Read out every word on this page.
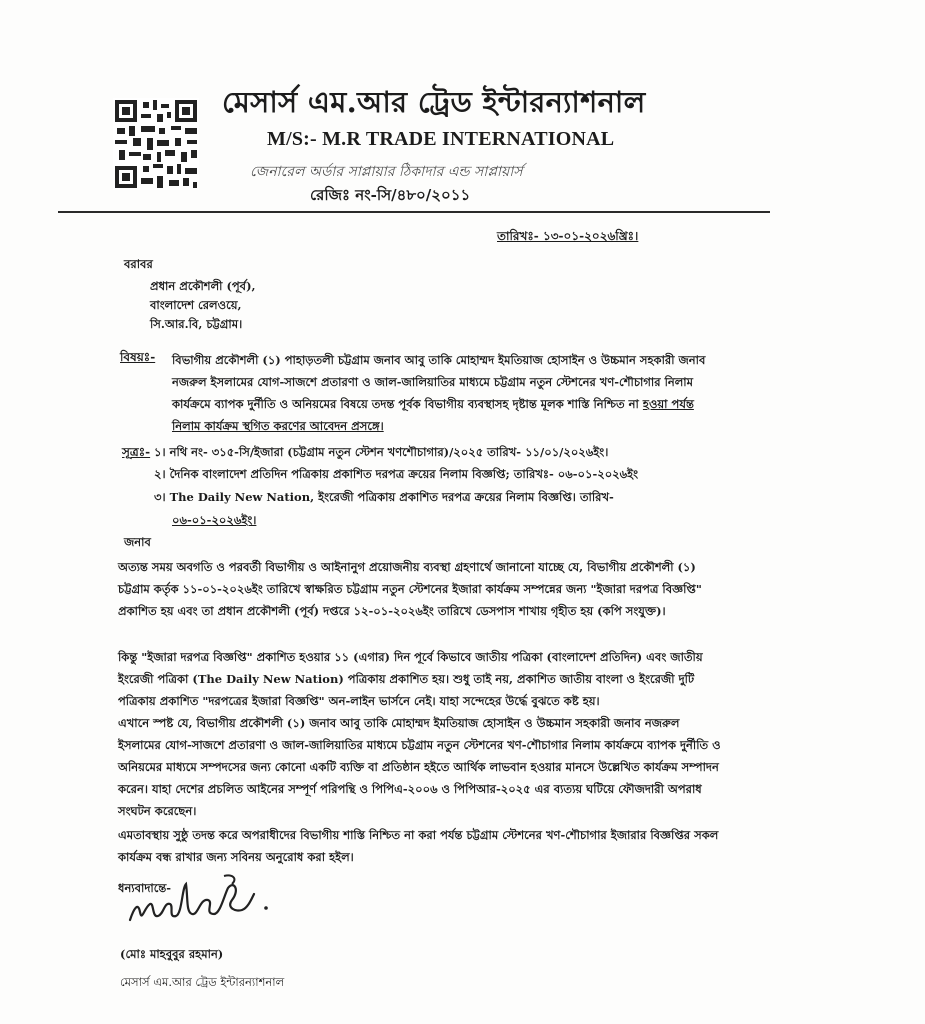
মেসার্স এম.আর ট্রেড ইন্টারন্যাশনাল
M/S:- M.R TRADE INTERNATIONAL
জেনারেল অর্ডার সাপ্লায়ার ঠিকাদার এন্ড সাপ্লায়ার্স
রেজিঃ নং-সি/৪৮০/২০১১
তারিখঃ- ১৩-০১-২০২৬খ্রিঃ।
বরাবর
প্রধান প্রকৌশলী (পূর্ব),
বাংলাদেশ রেলওয়ে,
সি.আর.বি, চট্টগ্রাম।
বিষয়ঃ- বিভাগীয় প্রকৌশলী (১) পাহাড়তলী চট্টগ্রাম জনাব আবু তাকি মোহাম্মদ ইমতিয়াজ হোসাইন ও উচ্চমান সহকারী জনাব নজরুল ইসলামের যোগ-সাজশে প্রতারণা ও জাল-জালিয়াতির মাধ্যমে চট্টগ্রাম নতুন স্টেশনের খণ-শৌচাগার নিলাম কার্যক্রমে ব্যাপক দুর্নীতি ও অনিয়মের বিষয়ে তদন্ত পূর্বক বিভাগীয় ব্যবস্থাসহ দৃষ্টান্ত মূলক শাস্তি নিশ্চিত না হওয়া পর্যন্ত নিলাম কার্যক্রম স্থগিত করণের আবেদন প্রসঙ্গে।
সূত্রঃ- ১। নথি নং- ৩১৫-সি/ইজারা (চট্টগ্রাম নতুন স্টেশন খণশৌচাগার)/২০২৫ তারিখ- ১১/০১/২০২৬ইং।
২। দৈনিক বাংলাদেশ প্রতিদিন পত্রিকায় প্রকাশিত দরপত্র ক্রয়ের নিলাম বিজ্ঞপ্তি; তারিখঃ- ০৬-০১-২০২৬ইং
৩। The Daily New Nation, ইংরেজী পত্রিকায় প্রকাশিত দরপত্র ক্রয়ের নিলাম বিজ্ঞপ্তি। তারিখ-
০৬-০১-২০২৬ইং।
জনাব

অত্যন্ত সময় অবগতি ও পরবর্তী বিভাগীয় ও আইনানুগ প্রয়োজনীয় ব্যবস্থা গ্রহণার্থে জানানো যাচ্ছে যে, বিভাগীয় প্রকৌশলী (১) চট্টগ্রাম কর্তৃক ১১-০১-২০২৬ইং তারিখে স্বাক্ষরিত চট্টগ্রাম নতুন স্টেশনের ইজারা কার্যক্রম সম্পন্নের জন্য "ইজারা দরপত্র বিজ্ঞপ্তি" প্রকাশিত হয় এবং তা প্রধান প্রকৌশলী (পূর্ব) দপ্তরে ১২-০১-২০২৬ইং তারিখে ডেসপাস শাখায় গৃহীত হয় (কপি সংযুক্ত)।

কিন্তু "ইজারা দরপত্র বিজ্ঞপ্তি" প্রকাশিত হওয়ার ১১ (এগার) দিন পূর্বে কিভাবে জাতীয় পত্রিকা (বাংলাদেশ প্রতিদিন) এবং জাতীয় ইংরেজী পত্রিকা (The Daily New Nation) পত্রিকায় প্রকাশিত হয়। শুধু তাই নয়, প্রকাশিত জাতীয় বাংলা ও ইংরেজী দুটি পত্রিকায় প্রকাশিত "দরপত্রের ইজারা বিজ্ঞপ্তি" অন-লাইন ভার্সনে নেই। যাহা সন্দেহের উর্দ্ধে বুঝতে কষ্ট হয়।

এখানে স্পষ্ট যে, বিভাগীয় প্রকৌশলী (১) জনাব আবু তাকি মোহাম্মদ ইমতিয়াজ হোসাইন ও উচ্চমান সহকারী জনাব নজরুল ইসলামের যোগ-সাজশে প্রতারণা ও জাল-জালিয়াতির মাধ্যমে চট্টগ্রাম নতুন স্টেশনের খণ-শৌচাগার নিলাম কার্যক্রমে ব্যাপক দুর্নীতি ও অনিয়মের মাধ্যমে সম্পদসের জন্য কোনো একটি ব্যক্তি বা প্রতিষ্ঠান হইতে আর্থিক লাভবান হওয়ার মানসে উল্লেখিত কার্যক্রম সম্পাদন করেন। যাহা দেশের প্রচলিত আইনের সম্পূর্ণ পরিপন্থি ও পিপিএ-২০০৬ ও পিপিআর-২০২৫ এর ব্যত্যয় ঘটিয়ে ফৌজদারী অপরাধ সংঘটন করেছেন।

এমতাবস্থায় সুষ্ঠু তদন্ত করে অপরাধীদের বিভাগীয় শাস্তি নিশ্চিত না করা পর্যন্ত চট্টগ্রাম স্টেশনের খণ-শৌচাগার ইজারার বিজ্ঞপ্তির সকল কার্যক্রম বন্ধ রাখার জন্য সবিনয় অনুরোধ করা হইল।

ধন্যবাদান্তে-
(মোঃ মাহবুবুর রহমান)
মেসার্স এম.আর ট্রেড ইন্টারন্যাশনাল
